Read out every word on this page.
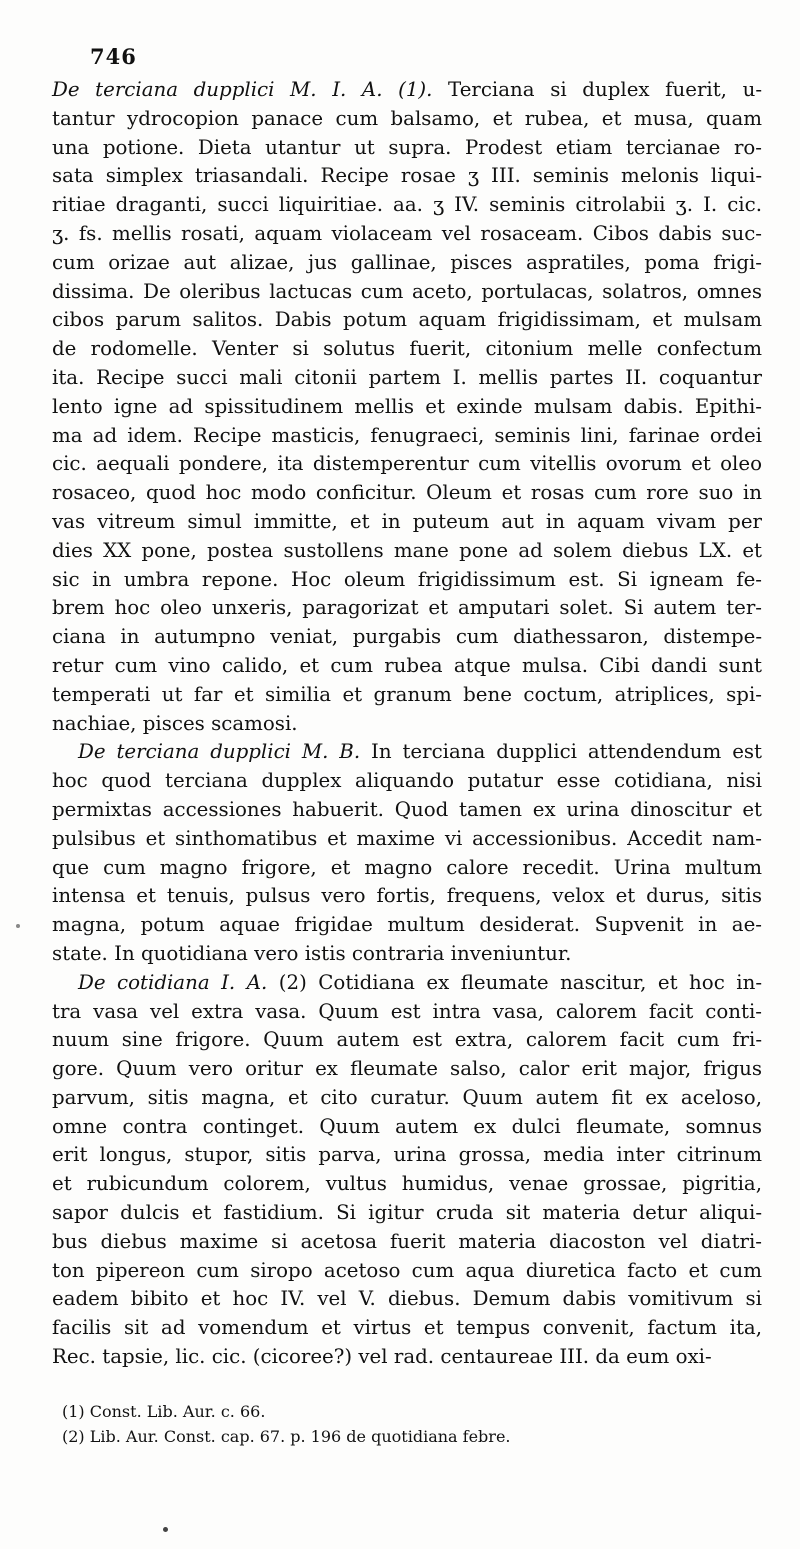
746

De terciana dupplici M. I. A. (1). Terciana si duplex fuerit, u-
tantur ydrocopion panace cum balsamo, et rubea, et musa, quam
una potione. Dieta utantur ut supra. Prodest etiam tercianae ro-
sata simplex triasandali. Recipe rosae ʒ III. seminis melonis liqui-
ritiae draganti, succi liquiritiae. aa. ʒ IV. seminis citrolabii ʒ. I. cic.
ʒ. fs. mellis rosati, aquam violaceam vel rosaceam. Cibos dabis suc-
cum orizae aut alizae, jus gallinae, pisces aspratiles, poma frigi-
dissima. De oleribus lactucas cum aceto, portulacas, solatros, omnes
cibos parum salitos. Dabis potum aquam frigidissimam, et mulsam
de rodomelle. Venter si solutus fuerit, citonium melle confectum
ita. Recipe succi mali citonii partem I. mellis partes II. coquantur
lento igne ad spissitudinem mellis et exinde mulsam dabis. Epithi-
ma ad idem. Recipe masticis, fenugraeci, seminis lini, farinae ordei
cic. aequali pondere, ita distemperentur cum vitellis ovorum et oleo
rosaceo, quod hoc modo conficitur. Oleum et rosas cum rore suo in
vas vitreum simul immitte, et in puteum aut in aquam vivam per
dies XX pone, postea sustollens mane pone ad solem diebus LX. et
sic in umbra repone. Hoc oleum frigidissimum est. Si igneam fe-
brem hoc oleo unxeris, paragorizat et amputari solet. Si autem ter-
ciana in autumpno veniat, purgabis cum diathessaron, distempe-
retur cum vino calido, et cum rubea atque mulsa. Cibi dandi sunt
temperati ut far et similia et granum bene coctum, atriplices, spi-
nachiae, pisces scamosi.

De terciana dupplici M. B. In terciana dupplici attendendum est
hoc quod terciana dupplex aliquando putatur esse cotidiana, nisi
permixtas accessiones habuerit. Quod tamen ex urina dinoscitur et
pulsibus et sinthomatibus et maxime vi accessionibus. Accedit nam-
que cum magno frigore, et magno calore recedit. Urina multum
intensa et tenuis, pulsus vero fortis, frequens, velox et durus, sitis
magna, potum aquae frigidae multum desiderat. Supvenit in ae-
state. In quotidiana vero istis contraria inveniuntur.

De cotidiana I. A. (2) Cotidiana ex fleumate nascitur, et hoc in-
tra vasa vel extra vasa. Quum est intra vasa, calorem facit conti-
nuum sine frigore. Quum autem est extra, calorem facit cum fri-
gore. Quum vero oritur ex fleumate salso, calor erit major, frigus
parvum, sitis magna, et cito curatur. Quum autem fit ex aceloso,
omne contra continget. Quum autem ex dulci fleumate, somnus
erit longus, stupor, sitis parva, urina grossa, media inter citrinum
et rubicundum colorem, vultus humidus, venae grossae, pigritia,
sapor dulcis et fastidium. Si igitur cruda sit materia detur aliqui-
bus diebus maxime si acetosa fuerit materia diacoston vel diatri-
ton pipereon cum siropo acetoso cum aqua diuretica facto et cum
eadem bibito et hoc IV. vel V. diebus. Demum dabis vomitivum si
facilis sit ad vomendum et virtus et tempus convenit, factum ita,
Rec. tapsie, lic. cic. (cicoree?) vel rad. centaureae III. da eum oxi-

(1) Const. Lib. Aur. c. 66.
(2) Lib. Aur. Const. cap. 67. p. 196 de quotidiana febre.
